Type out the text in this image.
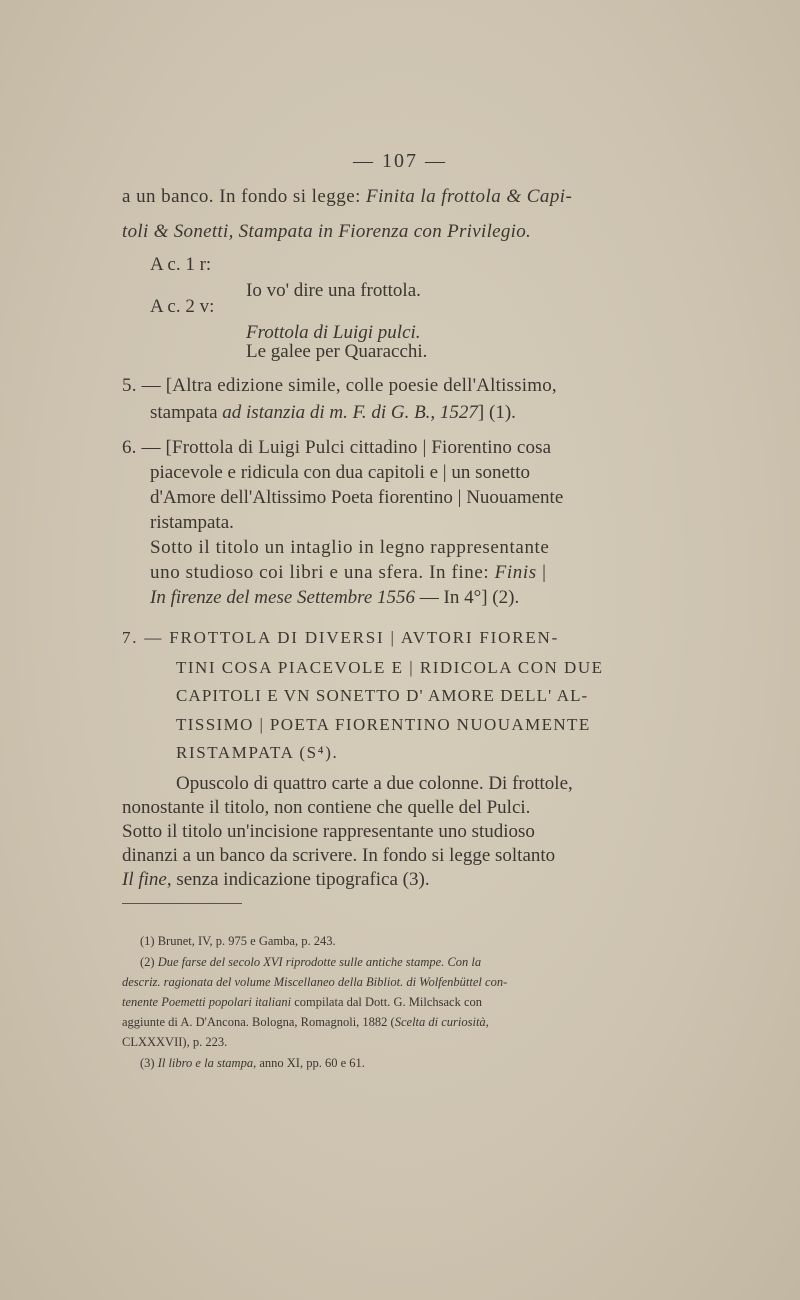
— 107 —
a un banco. In fondo si legge: Finita la frottola & Capi-
toli & Sonetti, Stampata in Fiorenza con Privilegio.
A c. 1 r:
Io vo' dire una frottola.
A c. 2 v:
Frottola di Luigi pulci.
Le galee per Quaracchi.
5. — [Altra edizione simile, colle poesie dell'Altissimo,
stampata ad istanzia di m. F. di G. B., 1527] (1).
6. — [Frottola di Luigi Pulci cittadino | Fiorentino cosa
piacevole e ridicula con dua capitoli e | un sonetto
d'Amore dell'Altissimo Poeta fiorentino | Nuouamente
ristampata.
Sotto il titolo un intaglio in legno rappresentante
uno studioso coi libri e una sfera. In fine: Finis |
In firenze del mese Settembre 1556 — In 4°] (2).
7. — FROTTOLA DI DIVERSI | AVTORI FIOREN-
TINI COSA PIACEVOLE E | RIDICOLA CON DUE
CAPITOLI E VN SONETTO D' AMORE DELL' AL-
TISSIMO | POETA FIORENTINO NUOUAMENTE
RISTAMPATA (S⁴).
Opuscolo di quattro carte a due colonne. Di frottole,
nonostante il titolo, non contiene che quelle del Pulci.
Sotto il titolo un'incisione rappresentante uno studioso
dinanzi a un banco da scrivere. In fondo si legge soltanto
Il fine, senza indicazione tipografica (3).
(1) Brunet, IV, p. 975 e Gamba, p. 243.
(2) Due farse del secolo XVI riprodotte sulle antiche stampe. Con la
descriz. ragionata del volume Miscellaneo della Bibliot. di Wolfenbüttel con-
tenente Poemetti popolari italiani compilata dal Dott. G. Milchsack con
aggiunte di A. D'Ancona. Bologna, Romagnoli, 1882 (Scelta di curiosità,
CLXXXVII), p. 223.
(3) Il libro e la stampa, anno XI, pp. 60 e 61.
